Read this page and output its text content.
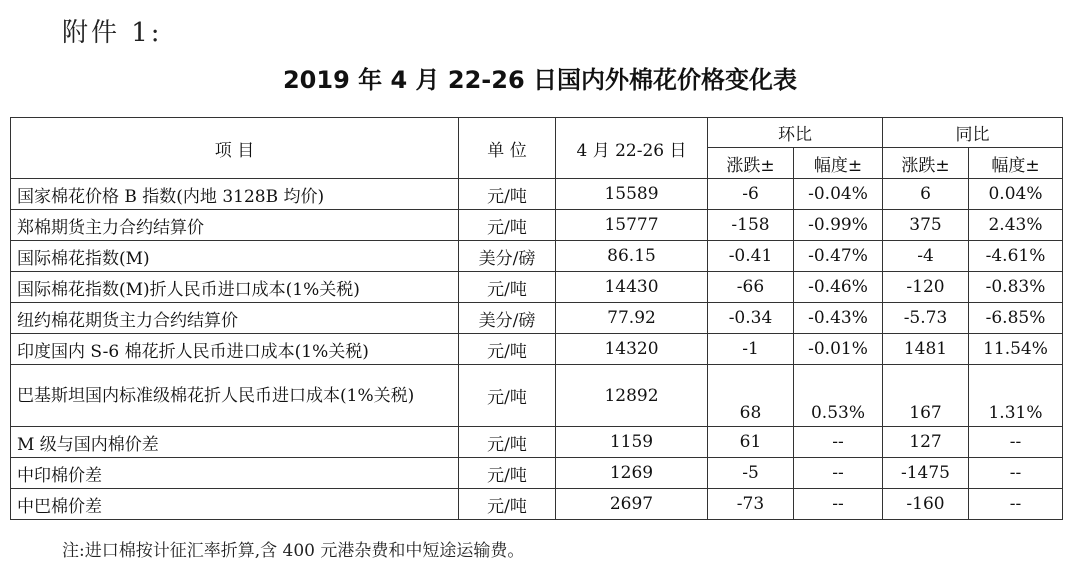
附件 1:
2019 年 4 月 22-26 日国内外棉花价格变化表
项 目	单 位	4 月 22-26 日	环比		同比	
			涨跌±	幅度±	涨跌±	幅度±
国家棉花价格 B 指数(内地 3128B 均价)	元/吨	15589	-6	-0.04%	6	0.04%
郑棉期货主力合约结算价	元/吨	15777	-158	-0.99%	375	2.43%
国际棉花指数(M)	美分/磅	86.15	-0.41	-0.47%	-4	-4.61%
国际棉花指数(M)折人民币进口成本(1%关税)	元/吨	14430	-66	-0.46%	-120	-0.83%
纽约棉花期货主力合约结算价	美分/磅	77.92	-0.34	-0.43%	-5.73	-6.85%
印度国内 S-6 棉花折人民币进口成本(1%关税)	元/吨	14320	-1	-0.01%	1481	11.54%
巴基斯坦国内标准级棉花折人民币进口成本(1%关税)	元/吨	12892	68	0.53%	167	1.31%
M 级与国内棉价差	元/吨	1159	61	--	127	--
中印棉价差	元/吨	1269	-5	--	-1475	--
中巴棉价差	元/吨	2697	-73	--	-160	--
注:进口棉按计征汇率折算,含 400 元港杂费和中短途运输费。
